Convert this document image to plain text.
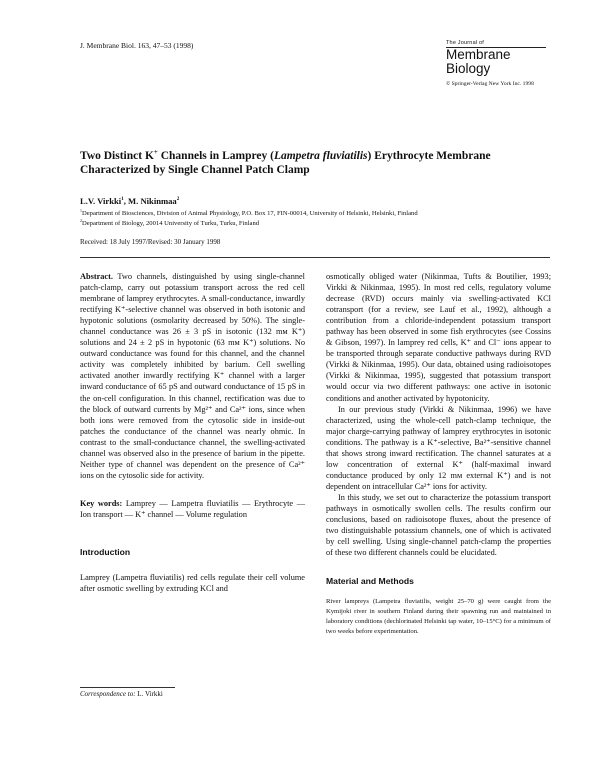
J. Membrane Biol. 163, 47–53 (1998)	The Journal of
Membrane
Biology
© Springer-Verlag New York Inc. 1998
Two Distinct K+ Channels in Lamprey (Lampetra fluviatilis) Erythrocyte Membrane
Characterized by Single Channel Patch Clamp
L.V. Virkki$^1$, M. Nikinmaa$^2$
$^1$Department of Biosciences, Division of Animal Physiology, P.O. Box 17, FIN-00014, University of Helsinki, Helsinki, Finland
$^2$Department of Biology, 20014 University of Turku, Turku, Finland
Received: 18 July 1997/Revised: 30 January 1998

Abstract. Two channels, distinguished by using single-channel patch-clamp, carry out potassium transport across the red cell membrane of lamprey erythrocytes. A small-conductance, inwardly rectifying K⁺-selective channel was observed in both isotonic and hypotonic solutions (osmolarity decreased by 50%). The single-channel conductance was 26 ± 3 pS in isotonic (132 mᴍ K⁺) solutions and 24 ± 2 pS in hypotonic (63 mᴍ K⁺) solutions. No outward conductance was found for this channel, and the channel activity was completely inhibited by barium. Cell swelling activated another inwardly rectifying K⁺ channel with a larger inward conductance of 65 pS and outward conductance of 15 pS in the on-cell configuration. In this channel, rectification was due to the block of outward currents by Mg²⁺ and Ca²⁺ ions, since when both ions were removed from the cytosolic side in inside-out patches the conductance of the channel was nearly ohmic. In contrast to the small-conductance channel, the swelling-activated channel was observed also in the presence of barium in the pipette. Neither type of channel was dependent on the presence of Ca²⁺ ions on the cytosolic side for activity.

Key words: Lamprey — Lampetra fluviatilis — Erythrocyte — Ion transport — K⁺ channel — Volume regulation

Introduction

Lamprey (Lampetra fluviatilis) red cells regulate their cell volume after osmotic swelling by extruding KCl and

Correspondence to: L. Virkki

osmotically obliged water (Nikinmaa, Tufts & Boutilier, 1993; Virkki & Nikinmaa, 1995). In most red cells, regulatory volume decrease (RVD) occurs mainly via swelling-activated KCl cotransport (for a review, see Lauf et al., 1992), although a contribution from a chloride-independent potassium transport pathway has been observed in some fish erythrocytes (see Cossins & Gibson, 1997). In lamprey red cells, K⁺ and Cl⁻ ions appear to be transported through separate conductive pathways during RVD (Virkki & Nikinmaa, 1995). Our data, obtained using radioisotopes (Virkki & Nikinmaa, 1995), suggested that potassium transport would occur via two different pathways: one active in isotonic conditions and another activated by hypotonicity.

In our previous study (Virkki & Nikinmaa, 1996) we have characterized, using the whole-cell patch-clamp technique, the major charge-carrying pathway of lamprey erythrocytes in isotonic conditions. The pathway is a K⁺-selective, Ba²⁺-sensitive channel that shows strong inward rectification. The channel saturates at a low concentration of external K⁺ (half-maximal inward conductance produced by only 12 mᴍ external K⁺) and is not dependent on intracellular Ca²⁺ ions for activity.

In this study, we set out to characterize the potassium transport pathways in osmotically swollen cells. The results confirm our conclusions, based on radioisotope fluxes, about the presence of two distinguishable potassium channels, one of which is activated by cell swelling. Using single-channel patch-clamp the properties of these two different channels could be elucidated.

Material and Methods

River lampreys (Lampetra fluviatilis, weight 25–70 g) were caught from the Kymijoki river in southern Finland during their spawning run and maintained in laboratory conditions (dechlorinated Helsinki tap water, 10–15°C) for a minimum of two weeks before experimentation.
